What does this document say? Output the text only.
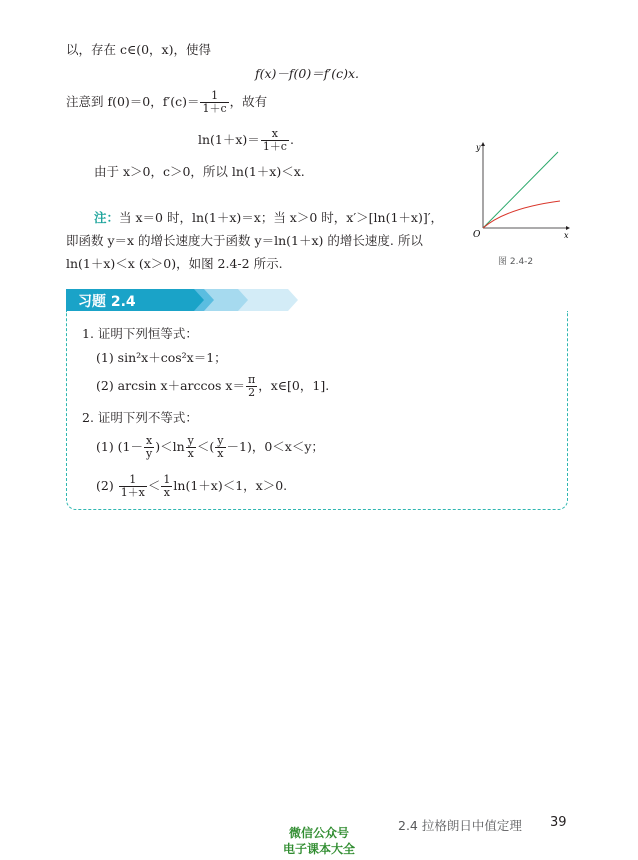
以，存在 c∈(0，x)，使得
f(x)－f(0)＝f′(c)x.
注意到 f(0)＝0，$f'(c)= \frac{1}{1+c}$ ，故有
$\ln(1+x)= \frac{x}{1+c}$ .
由于 x＞0，c＞0，所以 ln(1＋x)＜x.
注：当 x＝0 时，ln(1＋x)＝x；当 x＞0 时，x′＞[ln(1＋x)]′，
即函数 y＝x 的增长速度大于函数 y＝ln(1＋x) 的增长速度. 所以
ln(1＋x)＜x (x＞0)，如图 2.4-2 所示.
y
x
O
图 2.4-2
习题 2.4
1. 证明下列恒等式：
(1) sin²x＋cos²x＝1；
(2) arcsin x＋arccos $x= \frac{\pi}{2}$ ，x∈[0，1].
2. 证明下列不等式：
(1) $(1- \frac{x}{y} )<\ln \frac{y}{x}$ ＜( $\frac{y}{x} -1$)，0＜x＜y；
$(2) \frac{1}{1+x} < \frac{1}{x} \ln(1+x)<1$，x＞0.
2.4 拉格朗日中值定理 39
微信公众号
电子课本大全
